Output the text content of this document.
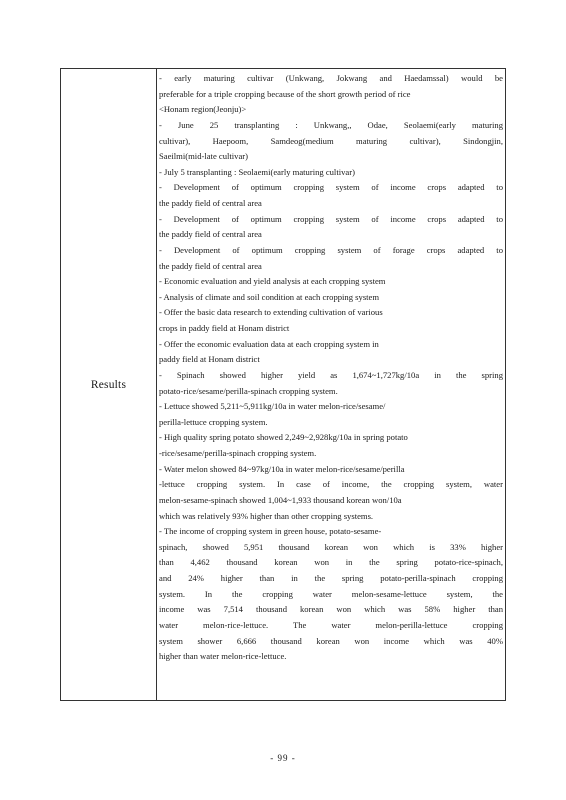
Results
- early maturing cultivar (Unkwang, Jokwang and Haedamssal) would be
preferable for a triple cropping because of the short growth period of rice
<Honam region(Jeonju)>
- June 25 transplanting : Unkwang,, Odae, Seolaemi(early maturing
cultivar), Haepoom, Samdeog(medium maturing cultivar), Sindongjin,
Saeilmi(mid-late cultivar)
- July 5 transplanting : Seolaemi(early maturing cultivar)
- Development of optimum cropping system of income crops adapted to
the paddy field of central area
- Development of optimum cropping system of income crops adapted to
the paddy field of central area
- Development of optimum cropping system of forage crops adapted to
the paddy field of central area
- Economic evaluation and yield analysis at each cropping system
- Analysis of climate and soil condition at each cropping system
- Offer the basic data research to extending cultivation of various
crops in paddy field at Honam district
- Offer the economic evaluation data at each cropping system in
paddy field at Honam district
- Spinach showed higher yield as 1,674~1,727kg/10a in the spring
potato-rice/sesame/perilla-spinach cropping system.
- Lettuce showed 5,211~5,911kg/10a in water melon-rice/sesame/
perilla-lettuce cropping system.
- High quality spring potato showed 2,249~2,928kg/10a in spring potato
-rice/sesame/perilla-spinach cropping system.
- Water melon showed 84~97kg/10a in water melon-rice/sesame/perilla
-lettuce cropping system. In case of income, the cropping system, water
melon-sesame-spinach showed 1,004~1,933 thousand korean won/10a
which was relatively 93% higher than other cropping systems.
- The income of cropping system in green house, potato-sesame-
spinach, showed 5,951 thousand korean won which is 33% higher
than 4,462 thousand korean won in the spring potato-rice-spinach,
and 24% higher than in the spring potato-perilla-spinach cropping
system. In the cropping water melon-sesame-lettuce system, the
income was 7,514 thousand korean won which was 58% higher than
water melon-rice-lettuce. The water melon-perilla-lettuce cropping
system shower 6,666 thousand korean won income which was 40%
higher than water melon-rice-lettuce.
- 99 -
